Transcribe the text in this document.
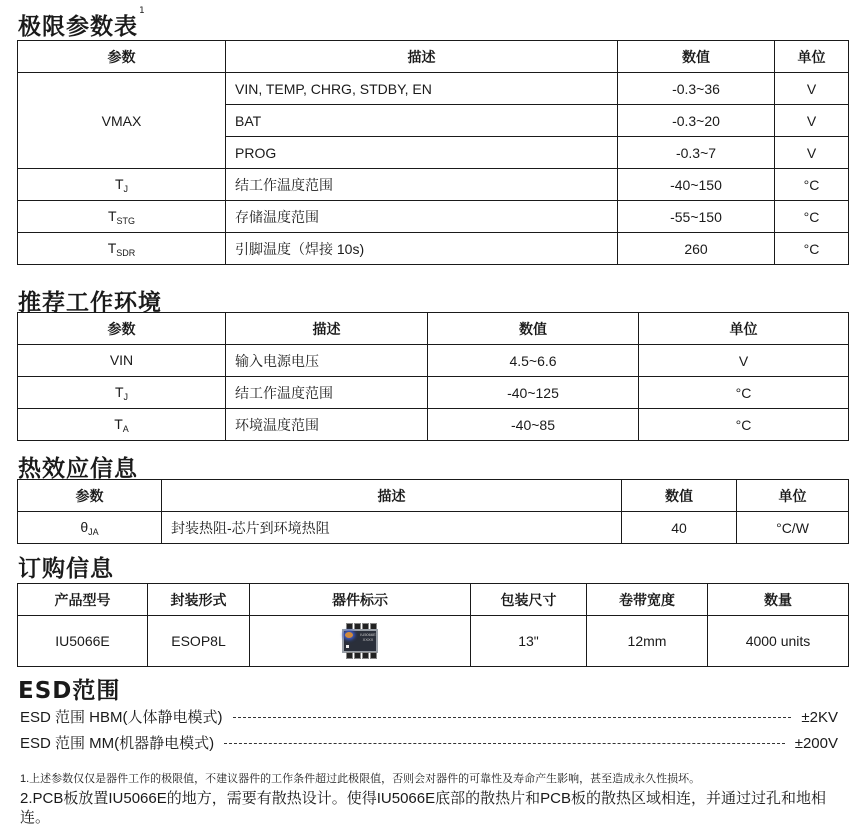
极限参数表$^1$
参数	描述	数值	单位
VMAX	VIN, TEMP, CHRG, STDBY, EN	-0.3~36	V
	BAT	-0.3~20	V
	PROG	-0.3~7	V
$T_J$	结工作温度范围	-40~150	°C
$T_{STG}$	存储温度范围	-55~150	°C
$T_{SDR}$	引脚温度（焊接 10s)	260	°C
推荐工作环境
参数	描述	数值	单位
VIN	输入电源电压	4.5~6.6	V
$T_J$	结工作温度范围	-40~125	°C
$T_A$	环境温度范围	-40~85	°C
热效应信息
参数	描述	数值	单位
$\theta_{JA}$	封装热阻-芯片到环境热阻	40	°C/W
订购信息
产品型号	封装形式	器件标示	包装尺寸	卷带宽度	数量
IU5066E	ESOP8L	IU5066E XXXX	13"	12mm	4000 units
ESD范围
ESD 范围 HBM(人体静电模式)	±2KV
ESD 范围 MM(机器静电模式)	±200V
1.上述参数仅仅是器件工作的极限值，不建议器件的工作条件超过此极限值，否则会对器件的可靠性及寿命产生影响，甚至造成永久性损坏。
2.PCB板放置IU5066E的地方，需要有散热设计。使得IU5066E底部的散热片和PCB板的散热区域相连，并通过过孔和地相连。
